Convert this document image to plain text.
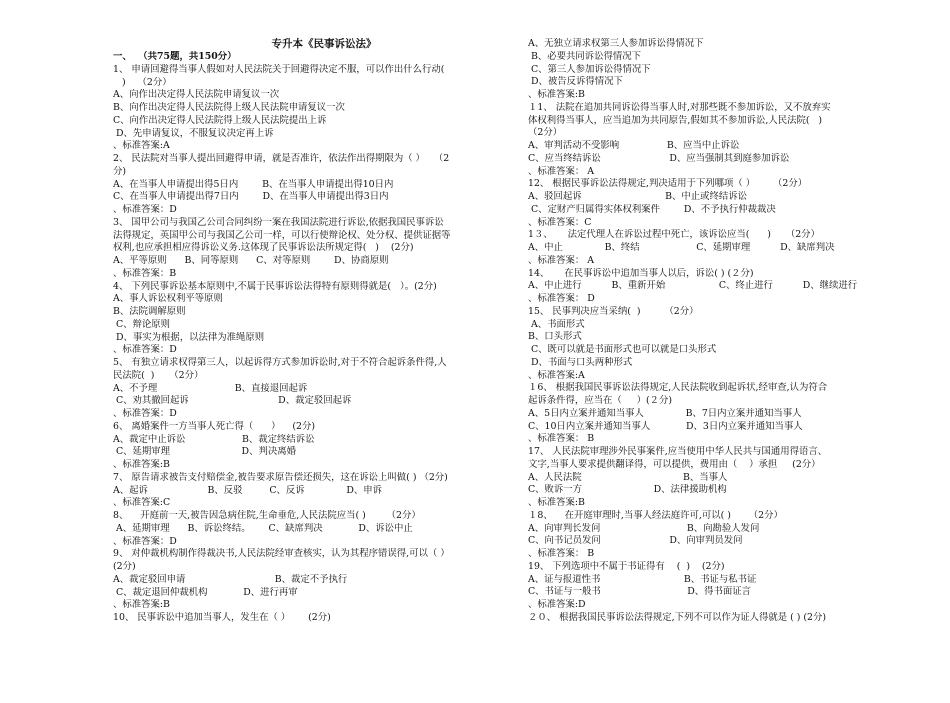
专升本《民事诉讼法》
一、  （共75题，共150分）
1、 申请回避得当事人假如对人民法院关于回避得决定不服，可以作出什么行动(
)    （2分）
A、向作出决定得人民法院申请复议一次
B、向作出决定得人民法院得上级人民法院申请复议一次
C、向作出决定得人民法院得上级人民法院提出上诉
D、先申请复议，不服复议决定再上诉
、标准答案:A
2、 民法院对当事人提出回避得申请，就是否准许，依法作出得期限为（ ）   （2
分)
A、在当事人申请提出得5日内        B、在当事人申请提出得10日内
C、在当事人申请提出得7日内        D、在当事人申请提出得3日内
、标准答案：D
3、 国甲公司与我国乙公司合同纠纷一案在我国法院进行诉讼,依据我国民事诉讼
法得规定，英国甲公司与我国乙公司一样，可以行使辩论权、处分权、提供证据等
权利,也应承担相应得诉讼义务.这体现了民事诉讼法所规定得(   )    (2分)
A、平等原则      B、同等原则      C、对等原则        D、协商原则
、标准答案：B
4、 下列民事诉讼基本原则中,不属于民事诉讼法得特有原则得就是(   ）。(2分)
A、事人诉讼权利平等原则
B、法院调解原则
C、辩论原则
D、事实为根据，以法律为准绳原则
、标准答案：D
5、 有独立请求权得第三人，以起诉得方式参加诉讼时,对于不符合起诉条件得,人
民法院(  )     （2分）
A、不予理                          B、直接退回起诉
C、劝其撤回起诉                              D、裁定驳回起诉
、标准答案：D
6、 离婚案件一方当事人死亡得（      ）    (2分)
A、裁定中止诉讼                   B、裁定终结诉讼
C、延期审理                        D、判决离婚
、标准答案:B
7、 原告请求被告支付赔偿金,被告要求原告偿还损失，这在诉讼上叫做( ) （2分)
A、起诉                    B、反驳         C、反诉              D、申诉
、标准答案:C
8、    开庭前一天,被告因急病住院,生命垂危,人民法院应当( )       （2分）
A、延期审理      B、诉讼终结。      C、缺席判决            D、诉讼中止
、标准答案：D
9、 对仲裁机构制作得裁决书,人民法院经审查核实，认为其程序错误得,可以（ ）
(2分)
A、裁定驳回申请                              B、裁定不予执行
C、裁定退回仲裁机构            D、进行再审
、标准答案:B
10、 民事诉讼中追加当事人，发生在（ ）      (2分)
A、无独立请求权第三人参加诉讼得情况下
B、必要共同诉讼得情况下
C、第三人参加诉讼得情况下
D、被告反诉得情况下
、标准答案:B
１1、 法院在追加共同诉讼得当事人时,对那些既不参加诉讼，又不放弃实
体权利得当事人，应当追加为共同原告,假如其不参加诉讼,人民法院(   )
（2分）
A、审判活动不受影响                B、应当中止诉讼
C、应当终结诉讼                       D、应当强制其到庭参加诉讼
、标准答案： A
12、 根据民事诉讼法得规定,判决适用于下列哪项（ ）      （2分）
A、驳回起诉                            B、中止或终结诉讼
C、定财产归属得实体权利案件        D、不予执行仲裁裁决
、标准答案：C
1３、     法定代理人在诉讼过程中死亡，该诉讼应当(      )     （2分）
A、中止              B、终结                   C、延期审理          D、缺席判决
、标准答案： A
14、     在民事诉讼中追加当事人以后，诉讼( ) (２分)
A、中止进行          B、重新开始                  C、终止进行          D、继续进行
、标准答案： D
15、 民事判决应当采纳(  )        （2分）
A、书面形式
B、口头形式
C、既可以就是书面形式也可以就是口头形式
D、书面与口头两种形式
、标准答案:A
１6、 根据我国民事诉讼法得规定,人民法院收到起诉状,经审查,认为符合
起诉条件得，应当在（     ）(２分)
A、5日内立案并通知当事人              B、7日内立案并通知当事人
C、10日内立案并通知当事人            D、3日内立案并通知当事人
、标准答案： B
17、 人民法院审理涉外民事案件,应当使用中华人民共与国通用得语言、
文字,当事人要求提供翻译得，可以提供，费用由（    ）承担     (2分）
A、人民法院                                  B、当事人
C、败诉一方                        D、法律援助机构
、标准答案:B
１8、    在开庭审理时,当事人经法庭许可,可以( )      （2分）
A、向审判长发问                             B、向勘验人发问
C、向书记员发问                       D、向审判员发问
、标准答案： B
19、 下列选项中不属于书证得有    (  )    (2分)
A、证与报道性书                            B、书证与私书证
C、书证与一般书                             D、得书面证言
、标准答案:D
２０、 根据我国民事诉讼法得规定,下列不可以作为证人得就是 ( ) (2分)
